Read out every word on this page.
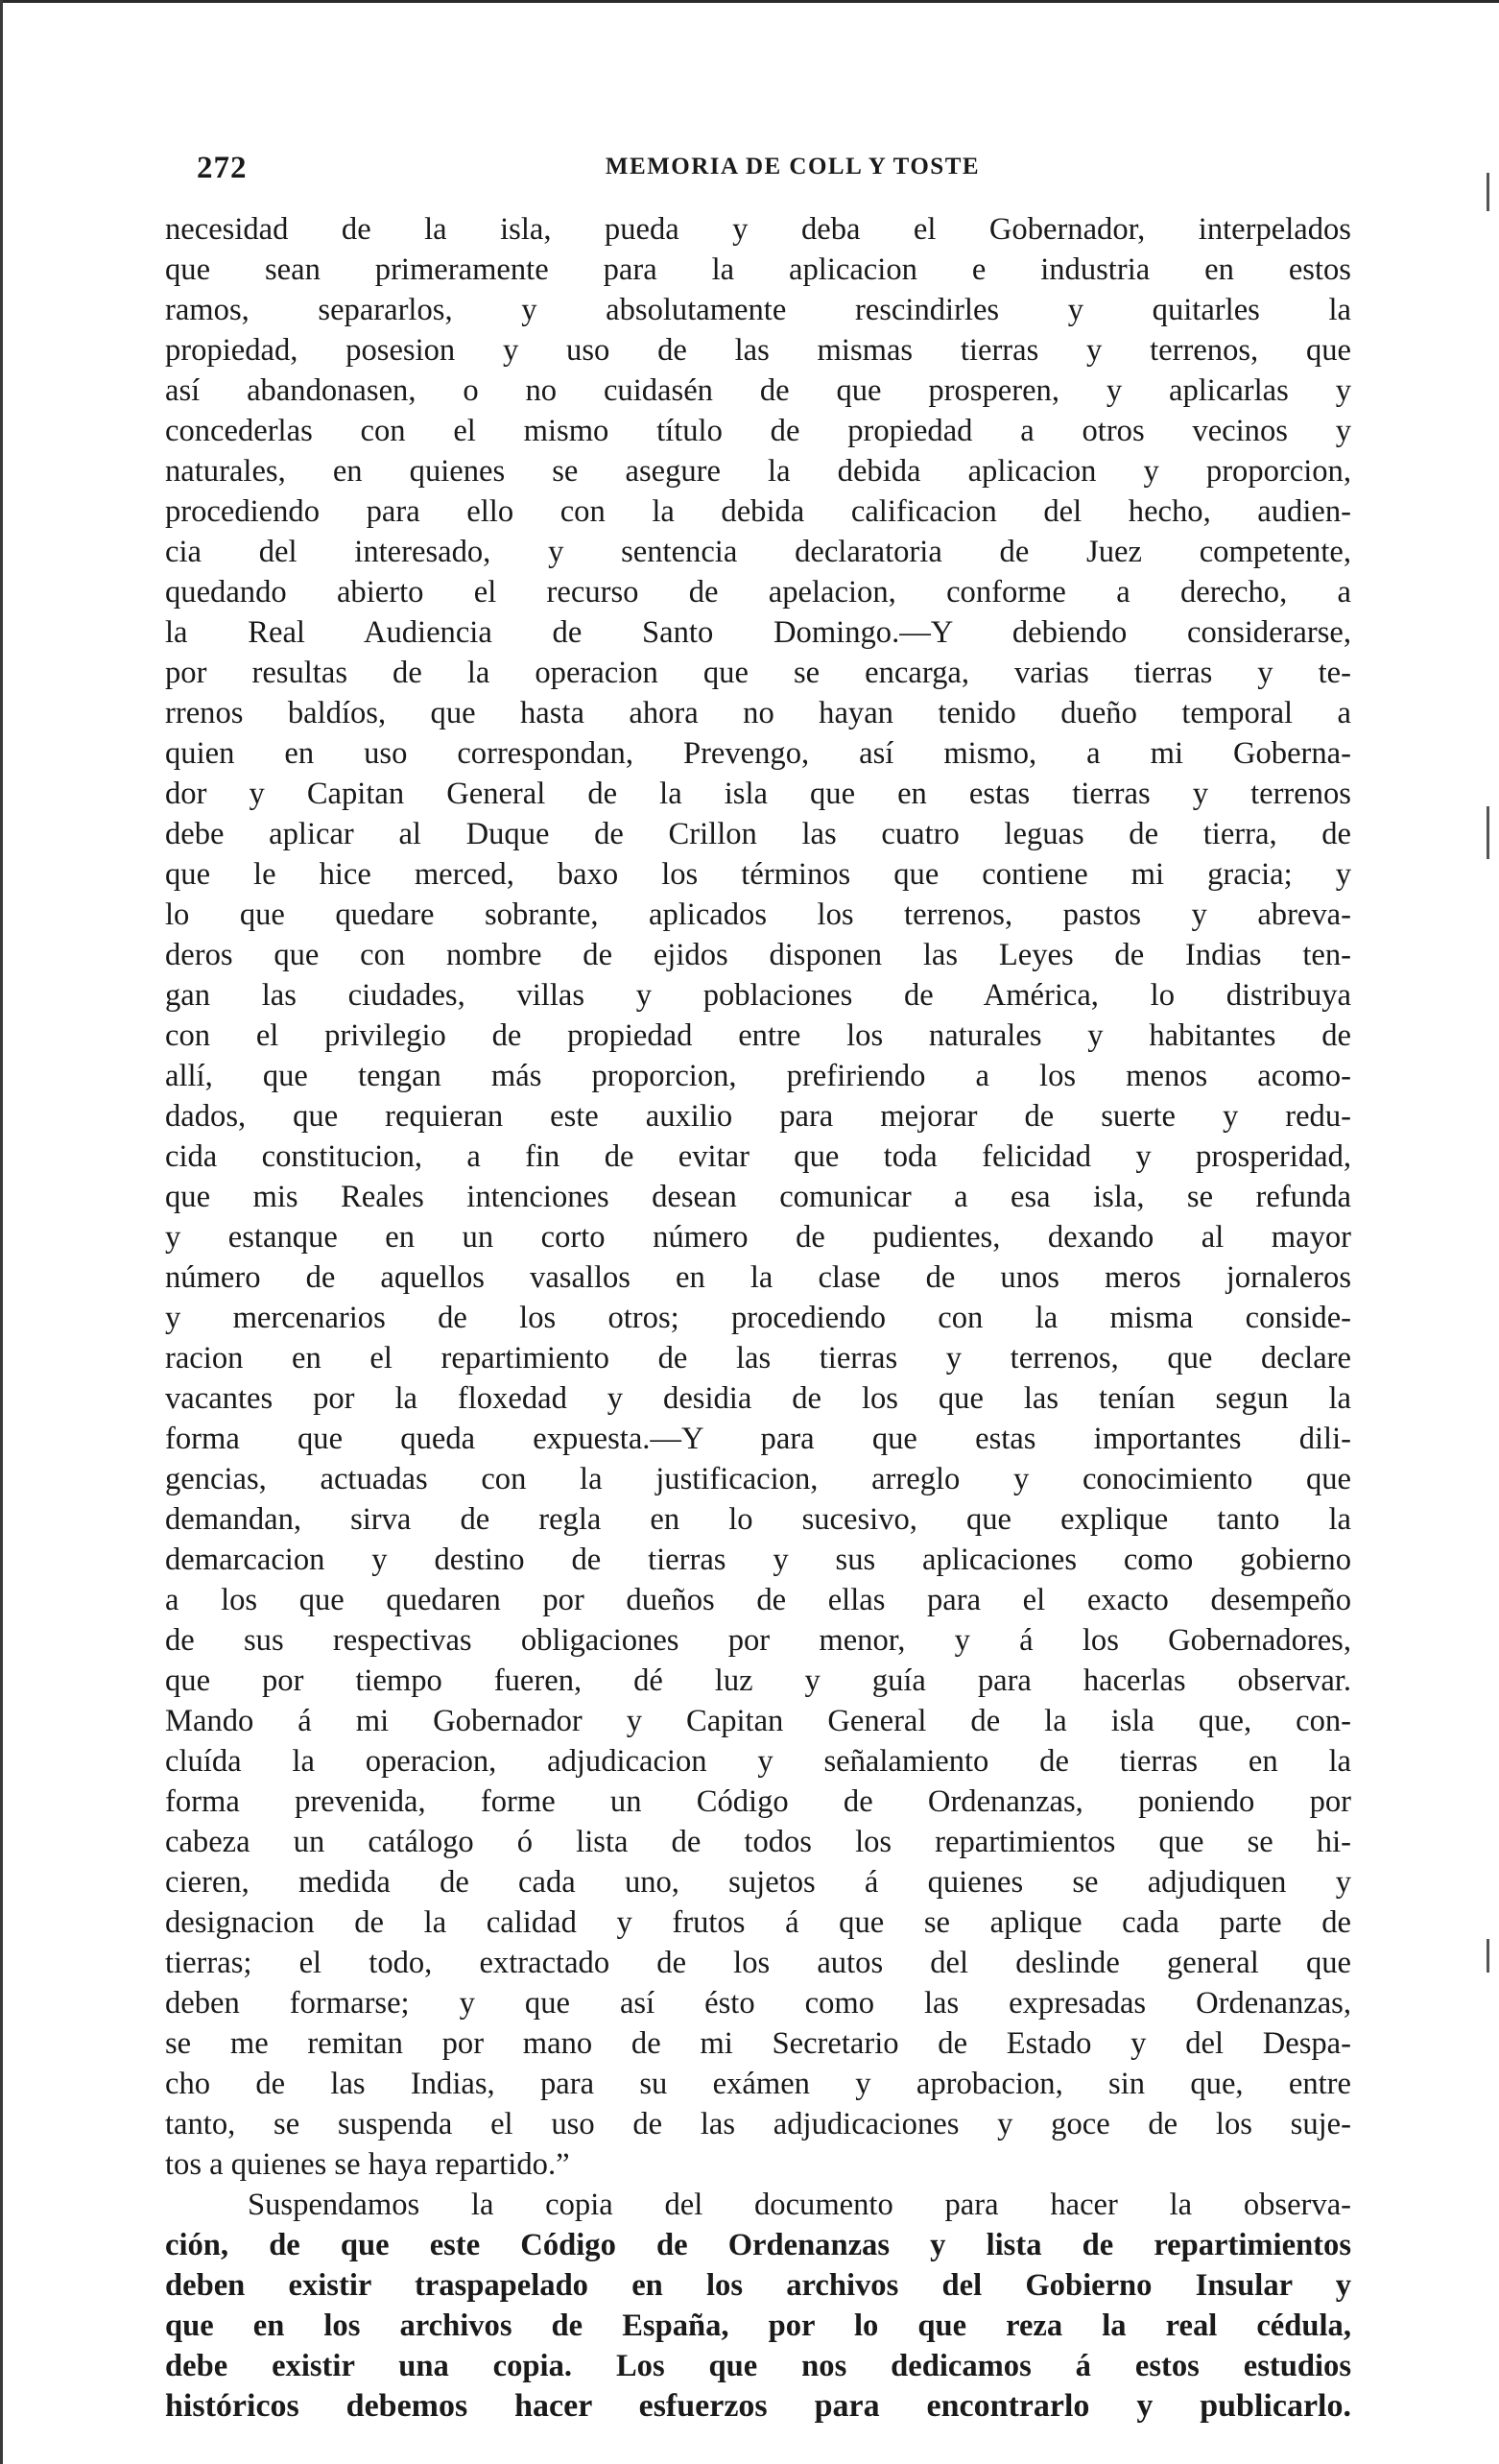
272	MEMORIA DE COLL Y TOSTE
necesidad de la isla, pueda y deba el Gobernador, interpelados
que sean primeramente para la aplicacion e industria en estos
ramos, separarlos, y absolutamente rescindirles y quitarles la
propiedad, posesion y uso de las mismas tierras y terrenos, que
así abandonasen, o no cuidasén de que prosperen, y aplicarlas y
concederlas con el mismo título de propiedad a otros vecinos y
naturales, en quienes se asegure la debida aplicacion y proporcion,
procediendo para ello con la debida calificacion del hecho, audien-
cia del interesado, y sentencia declaratoria de Juez competente,
quedando abierto el recurso de apelacion, conforme a derecho, a
la Real Audiencia de Santo Domingo.—Y debiendo considerarse,
por resultas de la operacion que se encarga, varias tierras y te-
rrenos baldíos, que hasta ahora no hayan tenido dueño temporal a
quien en uso correspondan, Prevengo, así mismo, a mi Goberna-
dor y Capitan General de la isla que en estas tierras y terrenos
debe aplicar al Duque de Crillon las cuatro leguas de tierra, de
que le hice merced, baxo los términos que contiene mi gracia; y
lo que quedare sobrante, aplicados los terrenos, pastos y abreva-
deros que con nombre de ejidos disponen las Leyes de Indias ten-
gan las ciudades, villas y poblaciones de América, lo distribuya
con el privilegio de propiedad entre los naturales y habitantes de
allí, que tengan más proporcion, prefiriendo a los menos acomo-
dados, que requieran este auxilio para mejorar de suerte y redu-
cida constitucion, a fin de evitar que toda felicidad y prosperidad,
que mis Reales intenciones desean comunicar a esa isla, se refunda
y estanque en un corto número de pudientes, dexando al mayor
número de aquellos vasallos en la clase de unos meros jornaleros
y mercenarios de los otros; procediendo con la misma conside-
racion en el repartimiento de las tierras y terrenos, que declare
vacantes por la floxedad y desidia de los que las tenían segun la
forma que queda expuesta.—Y para que estas importantes dili-
gencias, actuadas con la justificacion, arreglo y conocimiento que
demandan, sirva de regla en lo sucesivo, que explique tanto la
demarcacion y destino de tierras y sus aplicaciones como gobierno
a los que quedaren por dueños de ellas para el exacto desempeño
de sus respectivas obligaciones por menor, y á los Gobernadores,
que por tiempo fueren, dé luz y guía para hacerlas observar.
Mando á mi Gobernador y Capitan General de la isla que, con-
cluída la operacion, adjudicacion y señalamiento de tierras en la
forma prevenida, forme un Código de Ordenanzas, poniendo por
cabeza un catálogo ó lista de todos los repartimientos que se hi-
cieren, medida de cada uno, sujetos á quienes se adjudiquen y
designacion de la calidad y frutos á que se aplique cada parte de
tierras; el todo, extractado de los autos del deslinde general que
deben formarse; y que así ésto como las expresadas Ordenanzas,
se me remitan por mano de mi Secretario de Estado y del Despa-
cho de las Indias, para su exámen y aprobacion, sin que, entre
tanto, se suspenda el uso de las adjudicaciones y goce de los suje-
tos a quienes se haya repartido.”
Suspendamos la copia del documento para hacer la observa-
ción, de que este Código de Ordenanzas y lista de repartimientos
deben existir traspapelado en los archivos del Gobierno Insular y
que en los archivos de España, por lo que reza la real cédula,
debe existir una copia. Los que nos dedicamos á estos estudios
históricos debemos hacer esfuerzos para encontrarlo y publicarlo.
